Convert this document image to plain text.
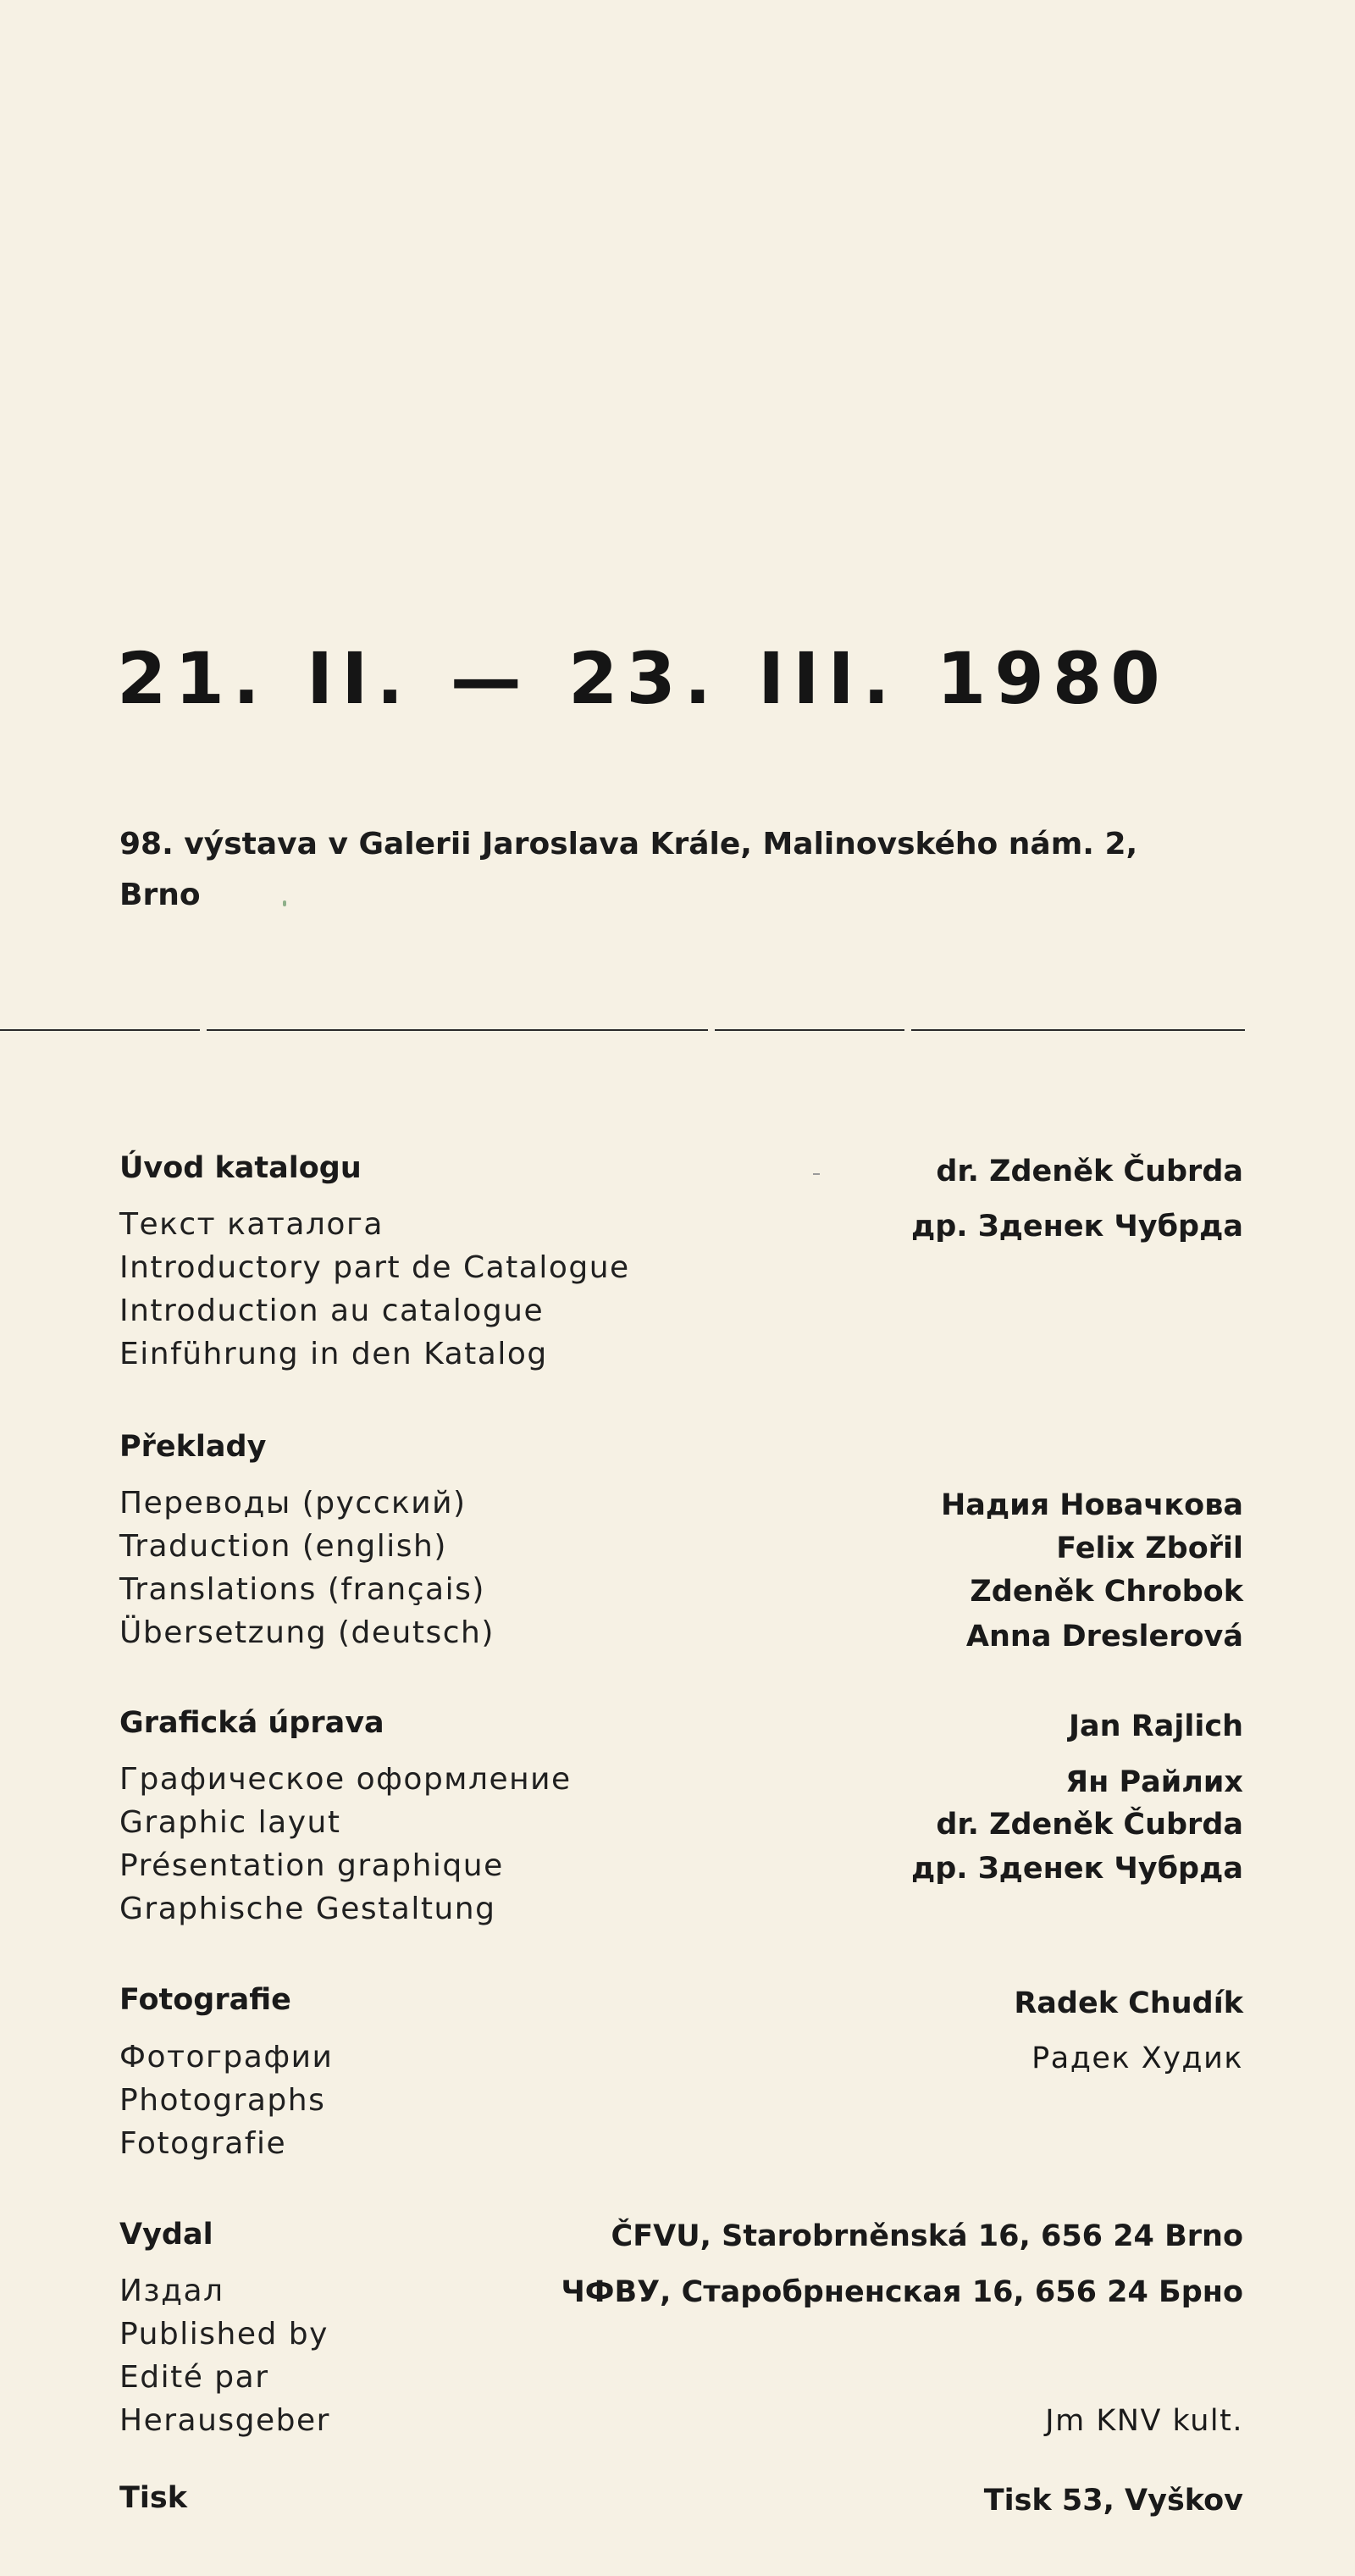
21. II. — 23. III. 1980
98. výstava v Galerii Jaroslava Krále, Malinovského nám. 2,
Brno
Úvod katalogu	dr. Zdeněk Čubrda
Текст каталога	др. Зденек Чубрда
Introductory part de Catalogue
Introduction au catalogue
Einführung in den Katalog
Překlady
Переводы (русский)	Надия Новачкова
Traduction (english)	Felix Zbořil
Translations (français)	Zdeněk Chrobok
Übersetzung (deutsch)	Anna Dreslerová
Grafická úprava	Jan Rajlich
Графическое оформление	Ян Райлих
Graphic layut	dr. Zdeněk Čubrda
Présentation graphique	др. Зденек Чубрда
Graphische Gestaltung
Fotografie	Radek Chudík
Фотографии	Радек Худик
Photographs
Fotografie
Vydal	ČFVU, Starobrněnská 16, 656 24 Brno
Издал	ЧФВУ, Старобрненская 16, 656 24 Брно
Published by
Edité par
Herausgeber	Jm KNV kult.
Tisk	Tisk 53, Vyškov
